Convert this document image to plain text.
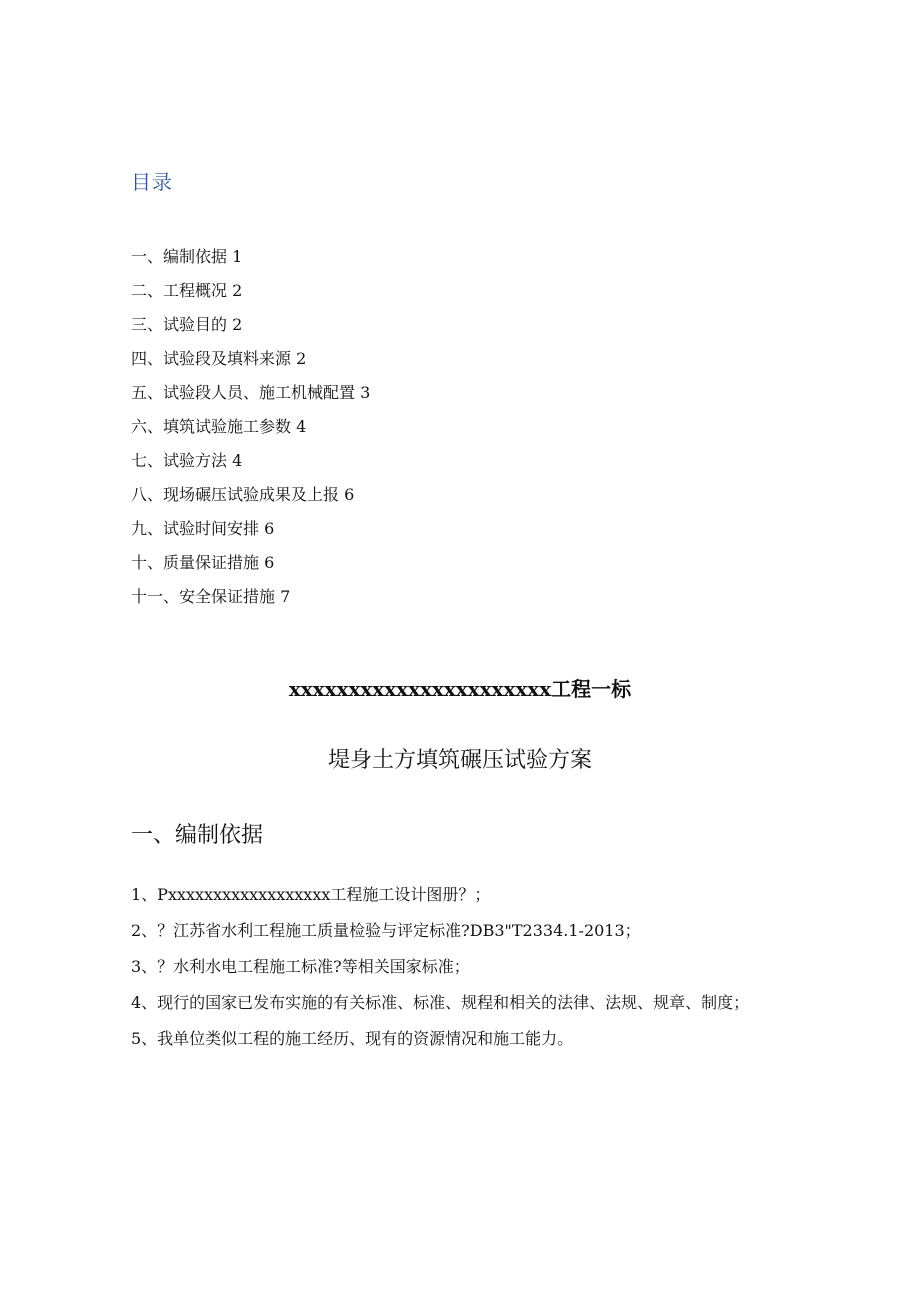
目录
一、编制依据 1
二、工程概况 2
三、试验目的 2
四、试验段及填料来源 2
五、试验段人员、施工机械配置 3
六、填筑试验施工参数 4
七、试验方法 4
八、现场碾压试验成果及上报 6
九、试验时间安排 6
十、质量保证措施 6
十一、安全保证措施 7
xxxxxxxxxxxxxxxxxxxxxx工程一标
堤身土方填筑碾压试验方案
一、编制依据
1、Pxxxxxxxxxxxxxxxxxx工程施工设计图册？；
2、？江苏省水利工程施工质量检验与评定标准?DB3"T2334.1-2013；
3、？水利水电工程施工标准?等相关国家标准；
4、现行的国家已发布实施的有关标准、标准、规程和相关的法律、法规、规章、制度；
5、我单位类似工程的施工经历、现有的资源情况和施工能力。
